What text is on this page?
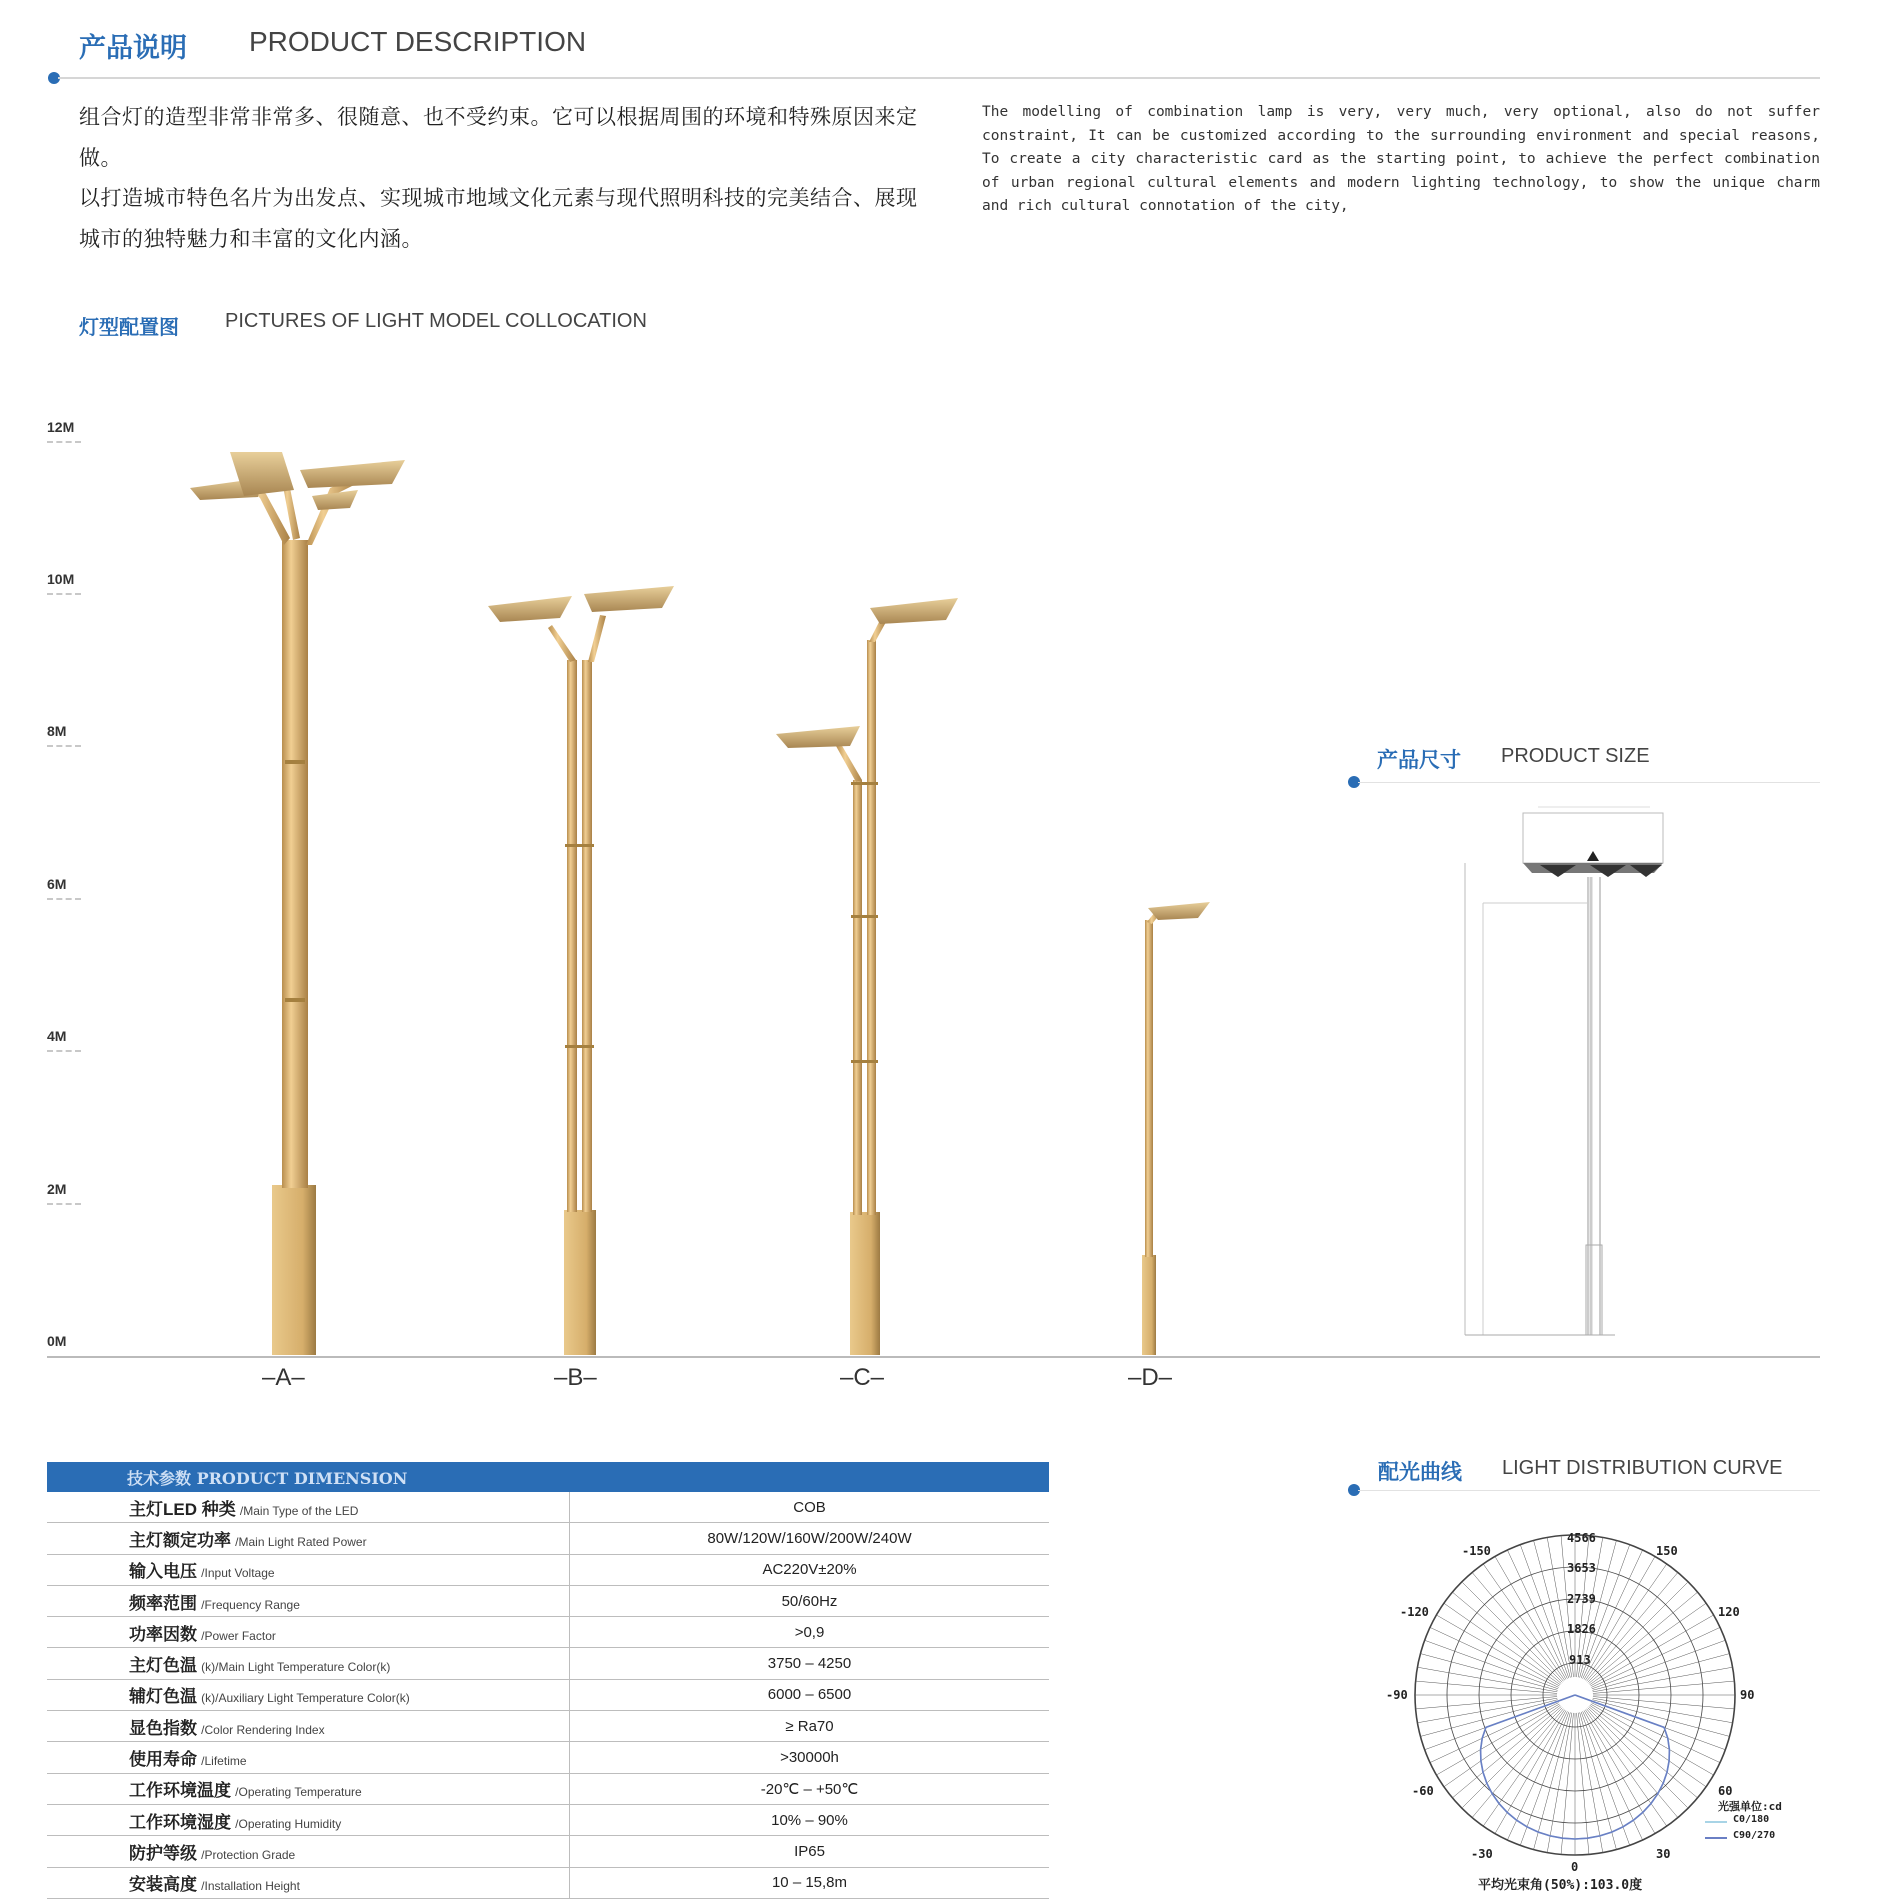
产品说明 PRODUCT DESCRIPTION
组合灯的造型非常非常多、很随意、也不受约束。它可以根据周围的环境和特殊原因来定做。
以打造城市特色名片为出发点、实现城市地域文化元素与现代照明科技的完美结合、展现城市的独特魅力和丰富的文化内涵。
The modelling of combination lamp is very, very much, very optional, also do not suffer constraint, It can be customized according to the surrounding environment and special reasons, To create a city characteristic card as the starting point, to achieve the perfect combination of urban regional cultural elements and modern lighting technology, to show the unique charm and rich cultural connotation of the city,
灯型配置图 PICTURES OF LIGHT MODEL COLLOCATION
12M
10M
8M
6M
4M
2M
0M
–A–	–B–	–C–	–D–
产品尺寸 PRODUCT SIZE
技术参数 PRODUCT DIMENSION	
主灯LED 种类 /Main Type of the LED	COB
主灯额定功率 /Main Light Rated Power	80W/120W/160W/200W/240W
输入电压 /Input Voltage	AC220V±20%
频率范围 /Frequency Range	50/60Hz
功率因数 /Power Factor	>0,9
主灯色温 (k)/Main Light Temperature Color(k)	3750 – 4250
辅灯色温 (k)/Auxiliary Light Temperature Color(k)	6000 – 6500
显色指数 /Color Rendering Index	≥ Ra70
使用寿命 /Lifetime	>30000h
工作环境温度 /Operating Temperature	-20℃ – +50℃
工作环境湿度 /Operating Humidity	10% – 90%
防护等级 /Protection Grade	IP65
安装高度 /Installation Height	10 – 15,8m
配光曲线 LIGHT DISTRIBUTION CURVE
4566
3653
2739
1826
913
-150	150
-120	120
-90	90
-60	60
-30	30
0
光强单位:cd
C0/180
C90/270
平均光束角(50%):103.0度
